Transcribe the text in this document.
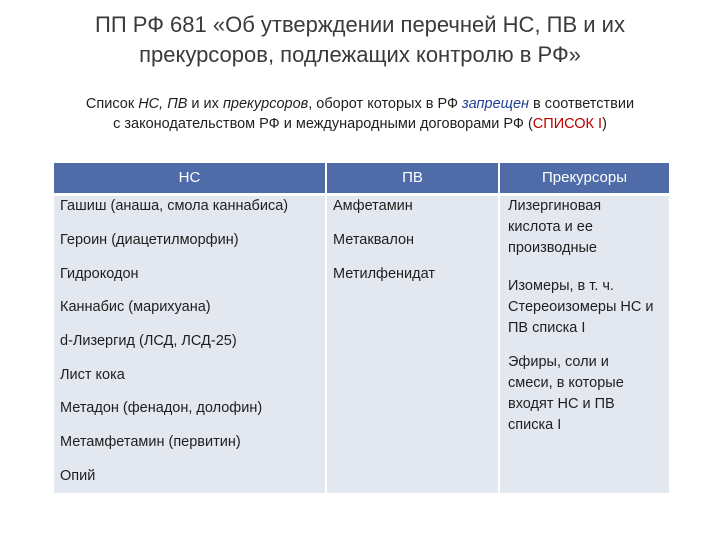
ПП РФ 681 «Об утверждении перечней НС, ПВ и их
прекурсоров, подлежащих контролю в РФ»
Список НС, ПВ и их прекурсоров, оборот которых в РФ запрещен в соответствии
с законодательством РФ и международными договорами РФ (СПИСОК I)
НС	ПВ	Прекурсоры
Гашиш (анаша, смола каннабиса)
Героин (диацетилморфин)
Гидрокодон
Каннабис (марихуана)
d-Лизергид (ЛСД, ЛСД-25)
Лист кока
Метадон (фенадон, долофин)
Метамфетамин (первитин)
Опий
Амфетамин
Метаквалон
Метилфенидат
Лизергиновая кислота и ее производные
Изомеры, в т. ч. Стереоизомеры НС и ПВ списка I
Эфиры, соли и смеси, в которые входят НС и ПВ списка I
